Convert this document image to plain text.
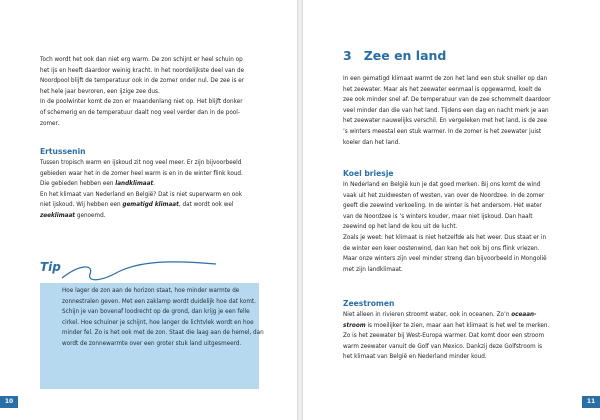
Toch wordt het ook dan niet erg warm. De zon schijnt er heel schuin op

het ijs en heeft daardoor weinig kracht. In het noordelijkste deel van de

Noordpool blijft de temperatuur ook in de zomer onder nul. De zee is er

het hele jaar bevroren, een ijzige zee dus.

In de poolwinter komt de zon er maandenlang niet op. Het blijft donker

of schemerig en de temperatuur daalt nog veel verder dan in de pool-

zomer.

Ertussenin

Tussen tropisch warm en ijskoud zit nog veel meer. Er zijn bijvoorbeeld

gebieden waar het in de zomer heel warm is en in de winter flink koud.

Die gebieden hebben een landklimaat.

En het klimaat van Nederland en België? Dat is niet superwarm en ook

niet ijskoud. Wij hebben een gematigd klimaat, dat wordt ook wel

zeeklimaat genoemd.

Tip

Hoe lager de zon aan de horizon staat, hoe minder warmte de

zonnestralen geven. Met een zaklamp wordt duidelijk hoe dat komt.

Schijn je van bovenaf loodrecht op de grond, dan krijg je een felle

cirkel. Hoe schuiner je schijnt, hoe langer de lichtvlek wordt en hoe

minder fel. Zo is het ook met de zon. Staat die laag aan de hemel, dan

wordt de zonnewarmte over een groter stuk land uitgesmeerd.

10
3 Zee en land

In een gematigd klimaat warmt de zon het land een stuk sneller op dan

het zeewater. Maar als het zeewater eenmaal is opgewarmd, koelt de

zee ook minder snel af. De temperatuur van de zee schommelt daardoor

veel minder dan die van het land. Tijdens een dag en nacht merk je aan

het zeewater nauwelijks verschil. En vergeleken met het land, is de zee

’s winters meestal een stuk warmer. In de zomer is het zeewater juist

koeler dan het land.

Koel briesje

In Nederland en België kun je dat goed merken. Bij ons komt de wind

vaak uit het zuidwesten of westen, van over de Noordzee. In de zomer

geeft die zeewind verkoeling. In de winter is het andersom. Het water

van de Noordzee is ’s winters kouder, maar niet ijskoud. Dan haalt

zeewind op het land de kou uit de lucht.

Zoals je weet: het klimaat is niet hetzelfde als het weer. Dus staat er in

de winter een keer oostenwind, dan kan het ook bij ons flink vriezen.

Maar onze winters zijn veel minder streng dan bijvoorbeeld in Mongolië

met zijn landklimaat.

Zeestromen

Niet alleen in rivieren stroomt water, ook in oceanen. Zo’n oceaan-

stroom is moeilijker te zien, maar aan het klimaat is het wel te merken.

Zo is het zeewater bij West-Europa warmer. Dat komt door een stroom

warm zeewater vanuit de Golf van Mexico. Dankzij deze Golfstroom is

het klimaat van België en Nederland minder koud.

11
